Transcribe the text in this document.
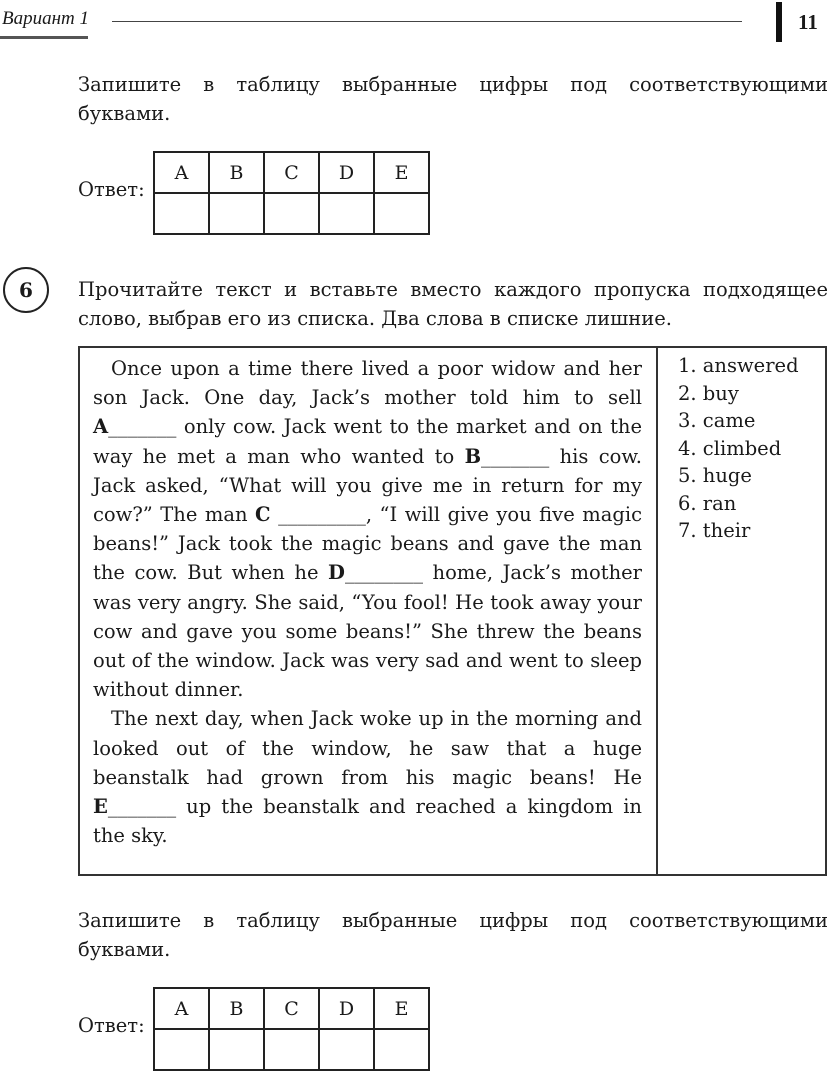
Вариант 1	11
Запишите в таблицу выбранные цифры под соответствующими буквами.
Ответ:
A	B	C	D	E

6	Прочитайте текст и вставьте вместо каждого пропуска подходящее слово, выбрав его из списка. Два слова в списке лишние.

Once upon a time there lived a poor widow and her son Jack. One day, Jack’s mother told him to sell A_______ only cow. Jack went to the market and on the way he met a man who wanted to B_______ his cow. Jack asked, “What will you give me in return for my cow?” The man C _________, “I will give you five magic beans!” Jack took the magic beans and gave the man the cow. But when he D________ home, Jack’s mother was very angry. She said, “You fool! He took away your cow and gave you some beans!” She threw the beans out of the window. Jack was very sad and went to sleep without dinner.

The next day, when Jack woke up in the morning and looked out of the window, he saw that a huge beanstalk had grown from his magic beans! He E_______ up the beanstalk and reached a kingdom in the sky.

1. answered
2. buy
3. came
4. climbed
5. huge
6. ran
7. their
Запишите в таблицу выбранные цифры под соответствующими буквами.
Ответ:
A	B	C	D	E
